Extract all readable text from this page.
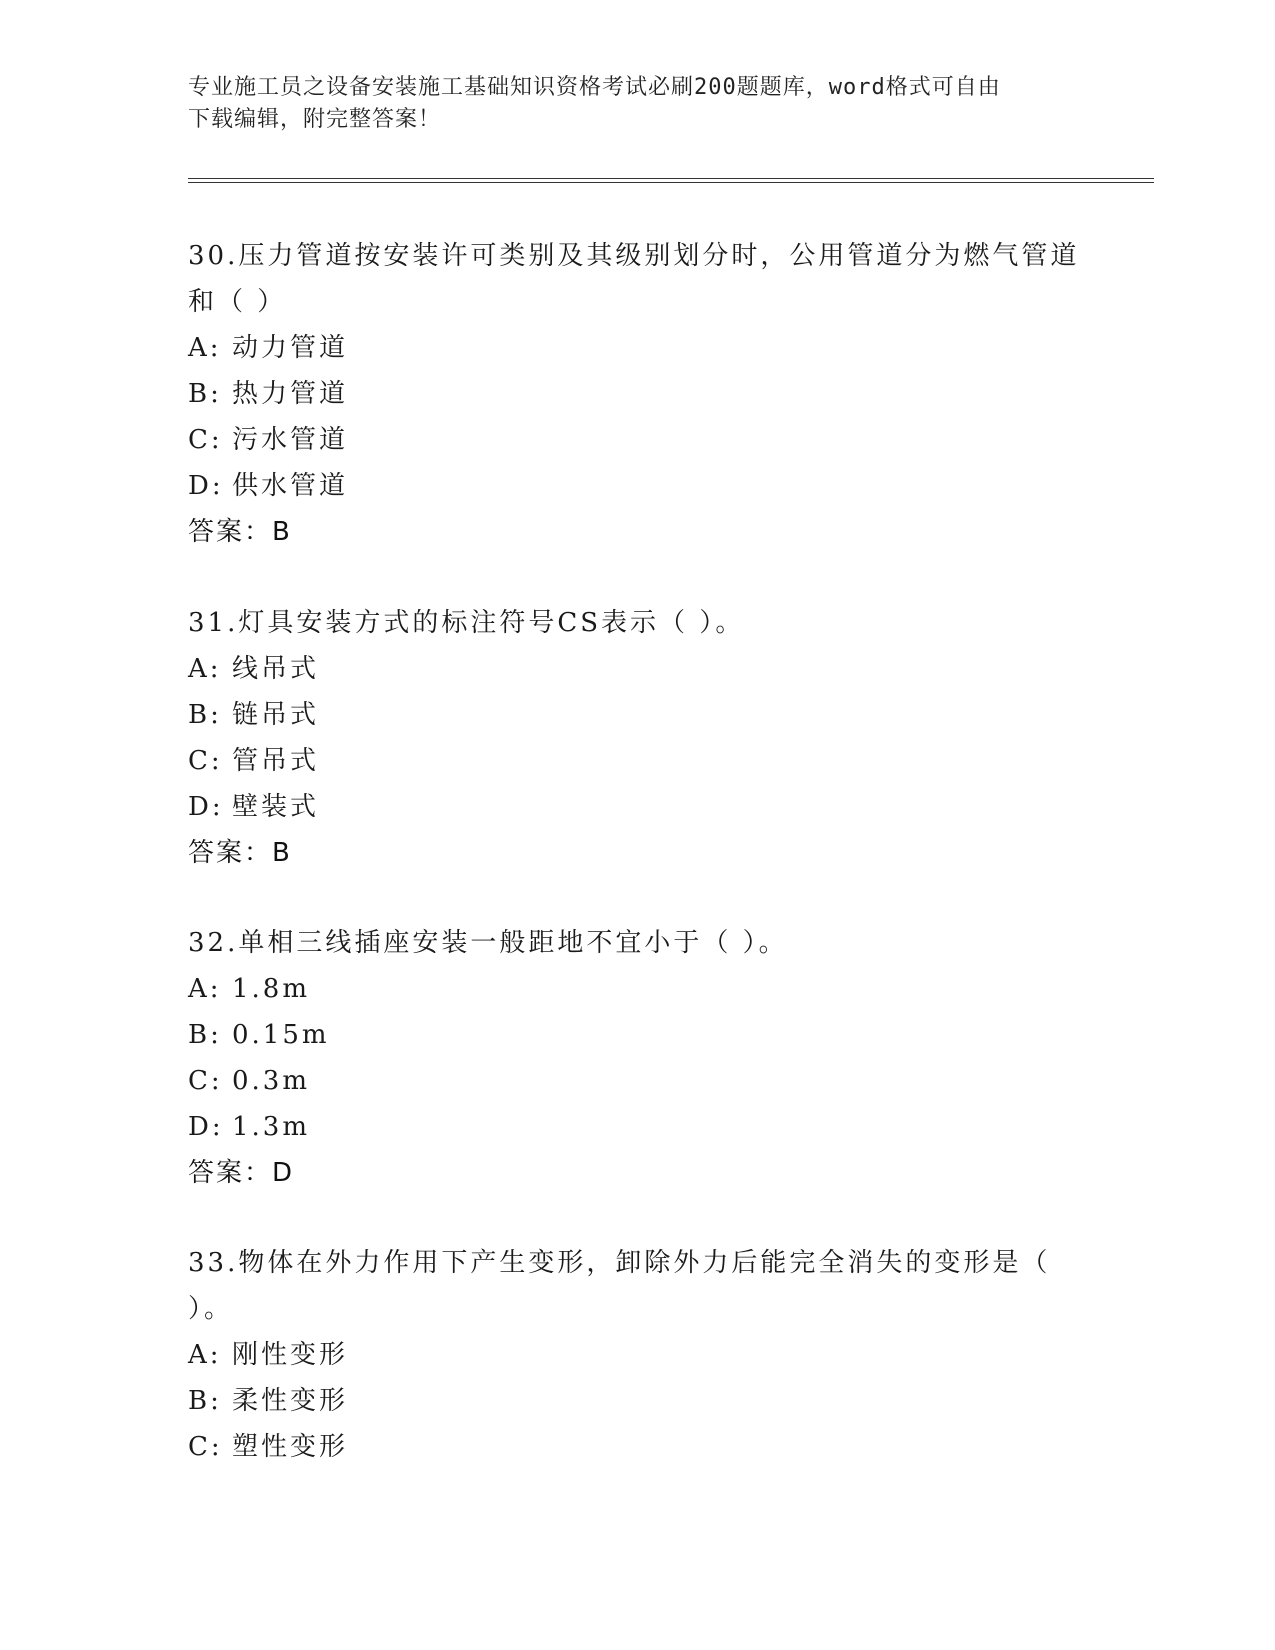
专业施工员之设备安装施工基础知识资格考试必刷200题题库，word格式可自由
下载编辑，附完整答案！
30.压力管道按安装许可类别及其级别划分时，公用管道分为燃气管道和（ ）
A: 动力管道
B: 热力管道
C: 污水管道
D: 供水管道
答案：B
31.灯具安装方式的标注符号CS表示（ ）。
A: 线吊式
B: 链吊式
C: 管吊式
D: 壁装式
答案：B
32.单相三线插座安装一般距地不宜小于（ ）。
A: 1.8m
B: 0.15m
C: 0.3m
D: 1.3m
答案：D
33.物体在外力作用下产生变形，卸除外力后能完全消失的变形是（ ）。
A: 刚性变形
B: 柔性变形
C: 塑性变形
